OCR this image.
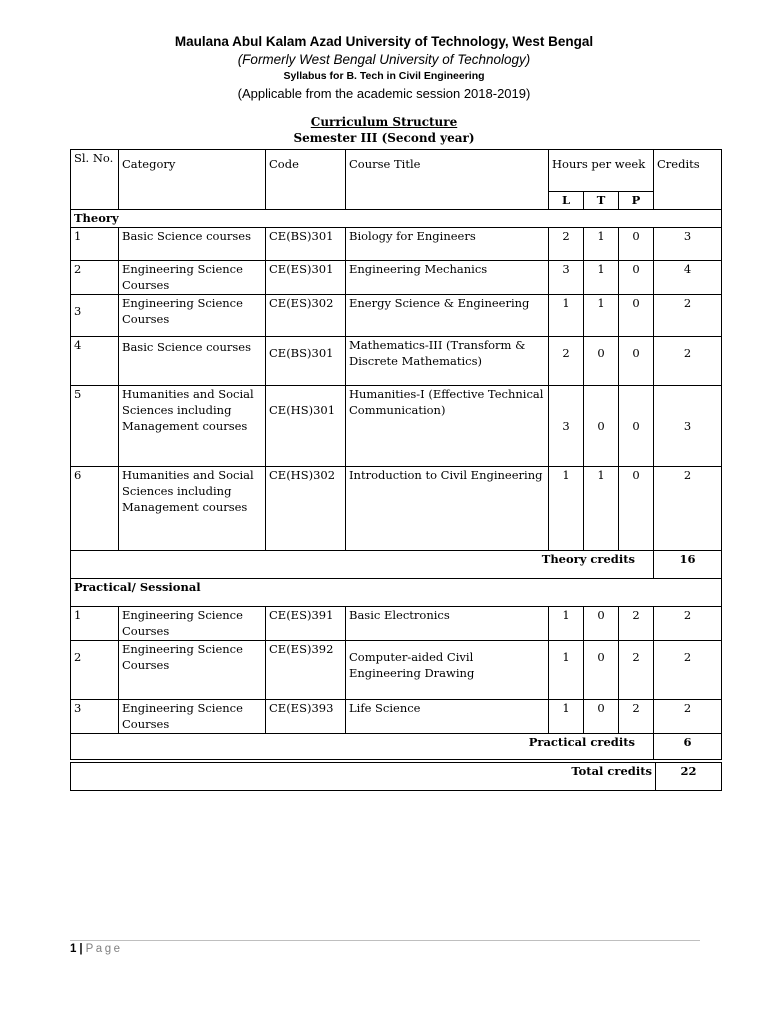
Maulana Abul Kalam Azad University of Technology, West Bengal
(Formerly West Bengal University of Technology)
Syllabus for B. Tech in Civil Engineering
(Applicable from the academic session 2018-2019)
Curriculum Structure
Semester III (Second year)
Sl. No.	Category	Code	Course Title	Hours per week			Credits
				L	T	P	
Theory							
1	Basic Science courses	CE(BS)301	Biology for Engineers	2	1	0	3
2	Engineering Science Courses	CE(ES)301	Engineering Mechanics	3	1	0	4
3	Engineering Science Courses	CE(ES)302	Energy Science & Engineering	1	1	0	2
4	Basic Science courses	CE(BS)301	Mathematics-III (Transform & Discrete Mathematics)	2	0	0	2
5	Humanities and Social Sciences including Management courses	CE(HS)301	Humanities-I (Effective Technical Communication)	3	0	0	3
6	Humanities and Social Sciences including Management courses	CE(HS)302	Introduction to Civil Engineering	1	1	0	2
Theory credits							16
Practical/ Sessional							
1	Engineering Science Courses	CE(ES)391	Basic Electronics	1	0	2	2
2	Engineering Science Courses	CE(ES)392	Computer-aided Civil Engineering Drawing	1	0	2	2
3	Engineering Science Courses	CE(ES)393	Life Science	1	0	2	2
Practical credits							6
Total credits	22
1 | Page
